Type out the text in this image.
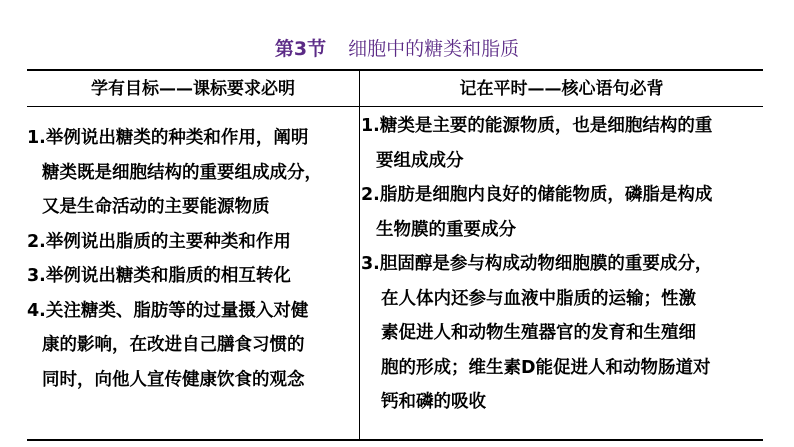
第3节 细胞中的糖类和脂质
学有目标——课标要求必明	记在平时——核心语句必背
1.举例说出糖类的种类和作用，阐明
糖类既是细胞结构的重要组成成分，
又是生命活动的主要能源物质
2.举例说出脂质的主要种类和作用
3.举例说出糖类和脂质的相互转化
4.关注糖类、脂肪等的过量摄入对健
康的影响，在改进自己膳食习惯的
同时，向他人宣传健康饮食的观念
1.糖类是主要的能源物质，也是细胞结构的重
要组成成分
2.脂肪是细胞内良好的储能物质，磷脂是构成
生物膜的重要成分
3.胆固醇是参与构成动物细胞膜的重要成分，
在人体内还参与血液中脂质的运输；性激
素促进人和动物生殖器官的发育和生殖细
胞的形成；维生素D能促进人和动物肠道对
钙和磷的吸收
